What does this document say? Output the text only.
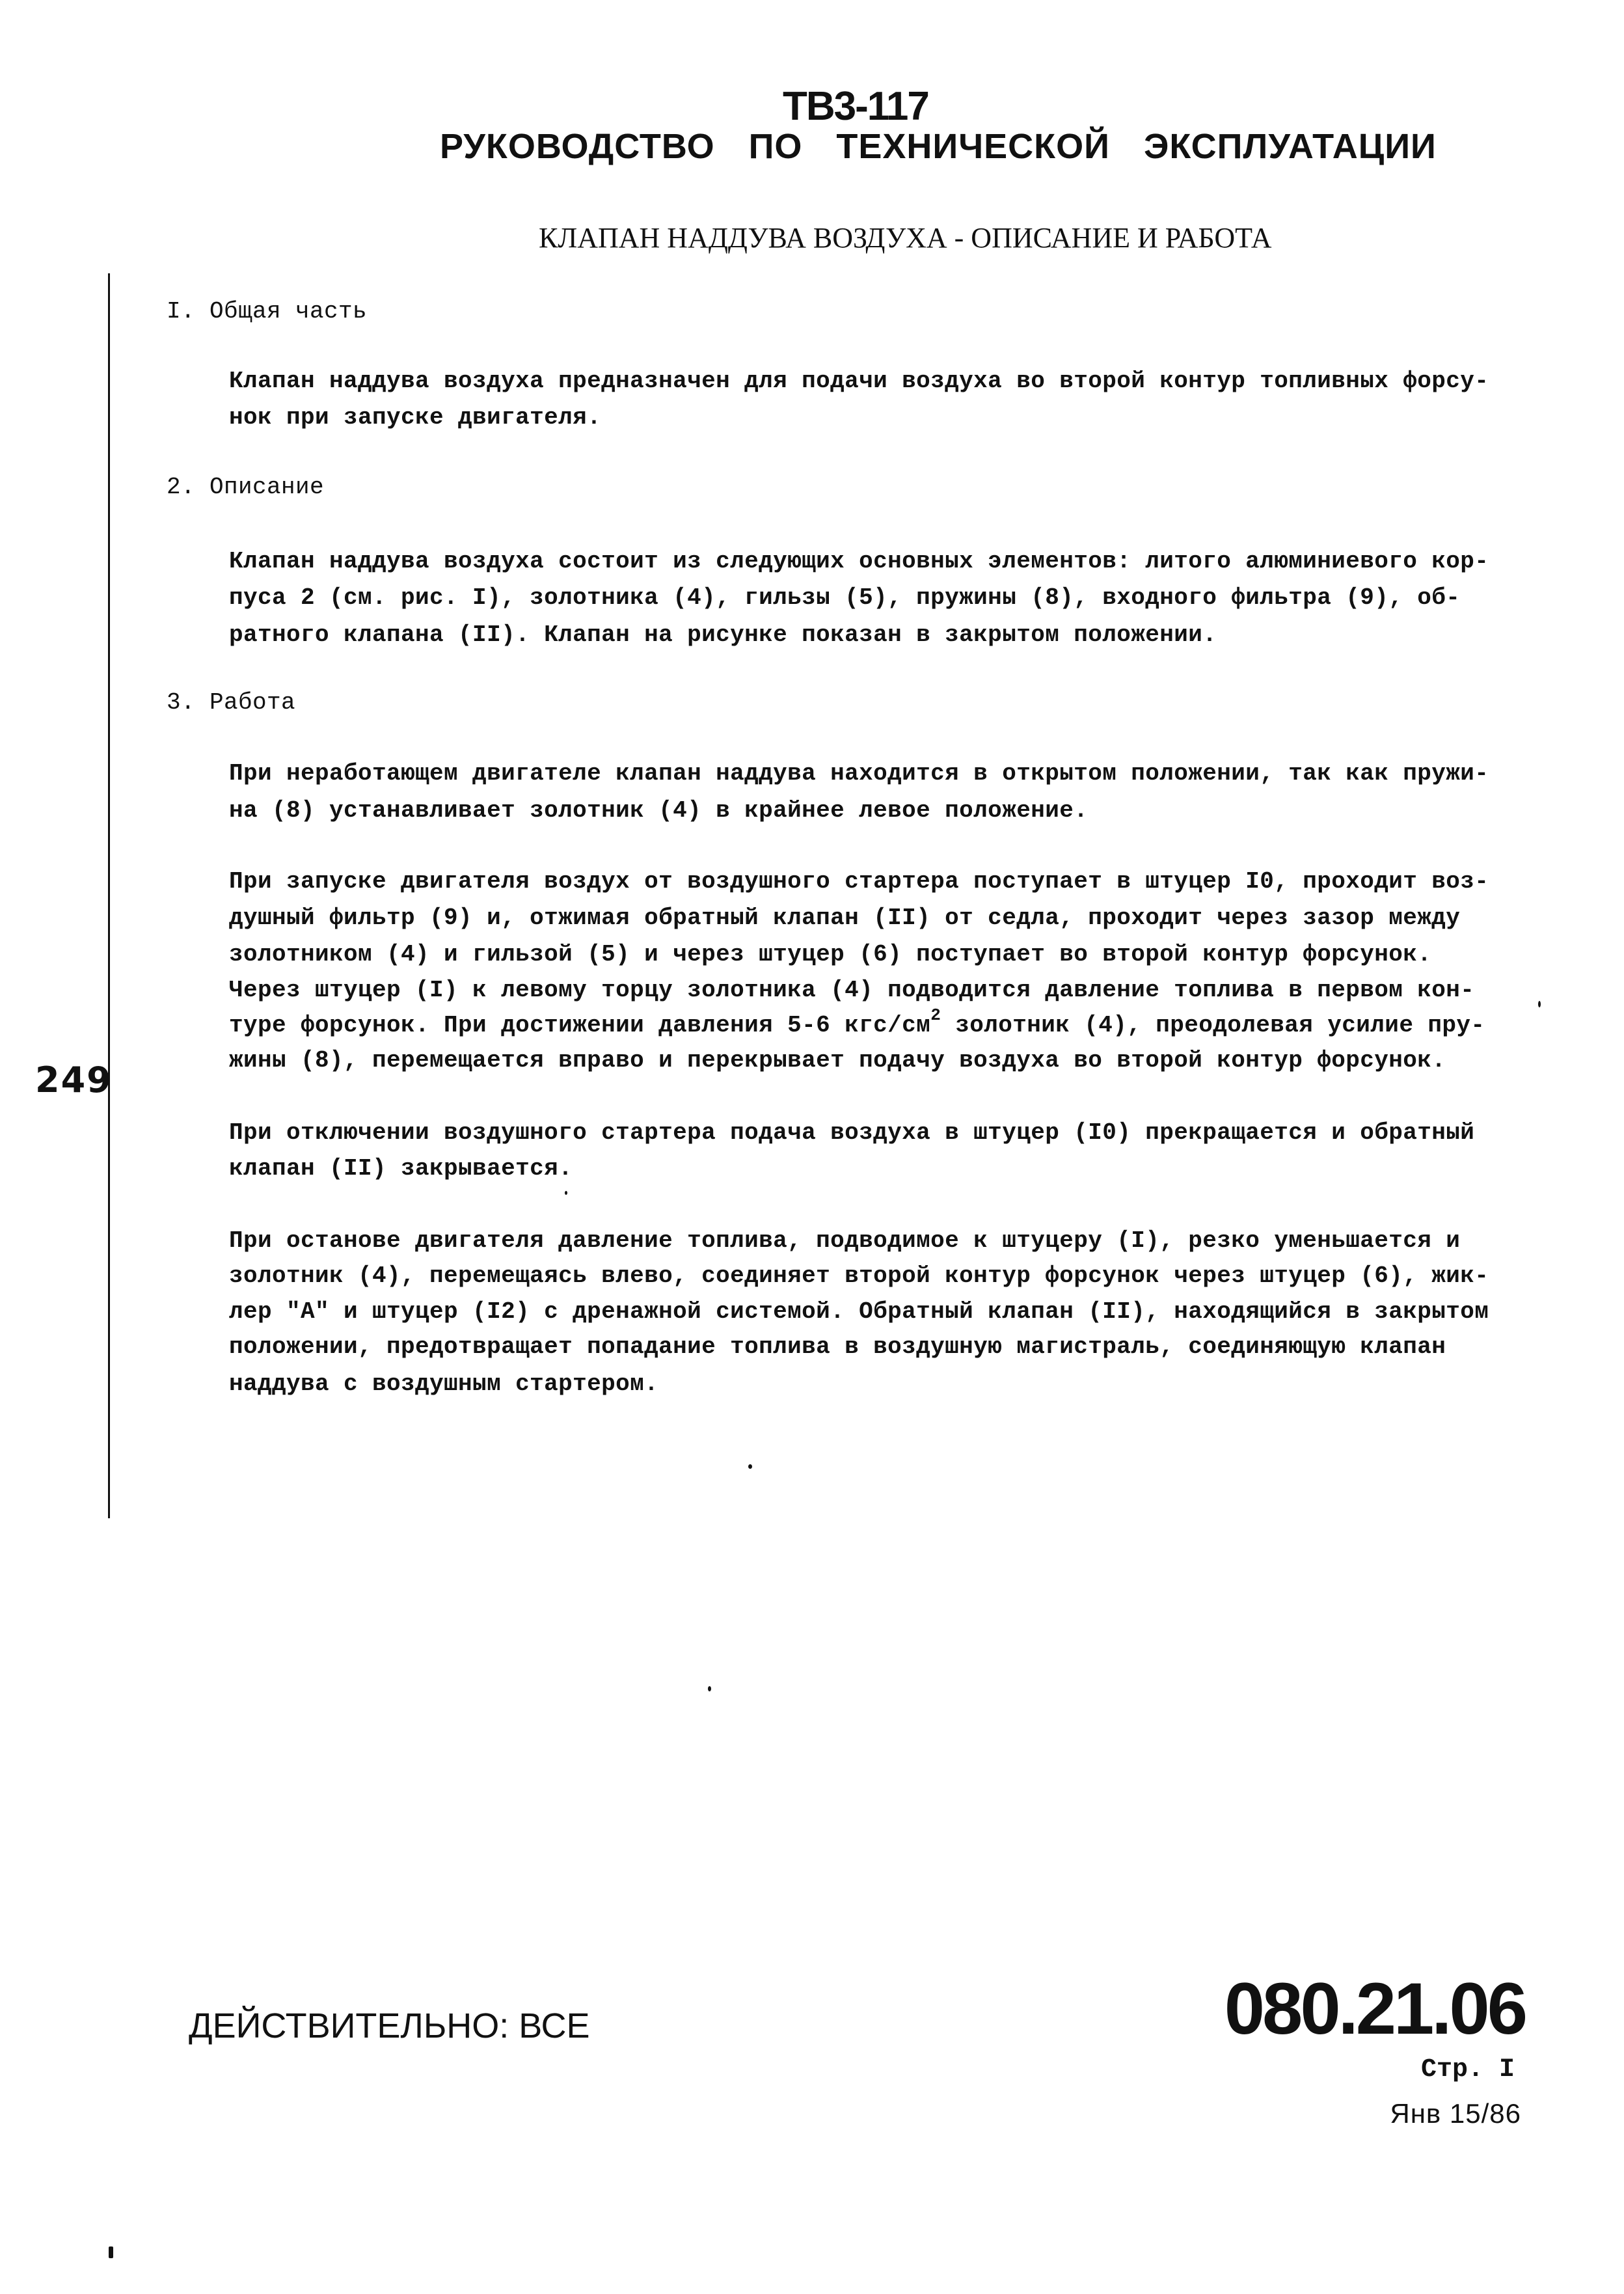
ТВ3-117
РУКОВОДСТВО  ПО  ТЕХНИЧЕСКОЙ  ЭКСПЛУАТАЦИИ
КЛАПАН НАДДУВА ВОЗДУХА - ОПИСАНИЕ И РАБОТА
249
I. Общая часть
Клапан наддува воздуха предназначен для подачи воздуха во второй контур топливных форсу-
нок при запуске двигателя.
2. Описание
Клапан наддува воздуха состоит из следующих основных элементов: литого алюминиевого кор-
пуса 2 (см. рис. I), золотника (4), гильзы (5), пружины (8), входного фильтра (9), об-
ратного клапана (II). Клапан на рисунке показан в закрытом положении.
3. Работа
При неработающем двигателе клапан наддува находится в открытом положении, так как пружи-
на (8) устанавливает золотник (4) в крайнее левое положение.
При запуске двигателя воздух от воздушного стартера поступает в штуцер I0, проходит воз-
душный фильтр (9) и, отжимая обратный клапан (II) от седла, проходит через зазор между
золотником (4) и гильзой (5) и через штуцер (6) поступает во второй контур форсунок.
Через штуцер (I) к левому торцу золотника (4) подводится давление топлива в первом кон-
туре форсунок. При достижении давления 5-6 кгс/$см^2$ золотник (4), преодолевая усилие пру-
жины (8), перемещается вправо и перекрывает подачу воздуха во второй контур форсунок.
При отключении воздушного стартера подача воздуха в штуцер (I0) прекращается и обратный
клапан (II) закрывается.
При останове двигателя давление топлива, подводимое к штуцеру (I), резко уменьшается и
золотник (4), перемещаясь влево, соединяет второй контур форсунок через штуцер (6), жик-
лер "А" и штуцер (I2) с дренажной системой. Обратный клапан (II), находящийся в закрытом
положении, предотвращает попадание топлива в воздушную магистраль, соединяющую клапан
наддува с воздушным стартером.
ДЕЙСТВИТЕЛЬНО: ВСЕ	080.21.06
Стр. I
Янв 15/86
